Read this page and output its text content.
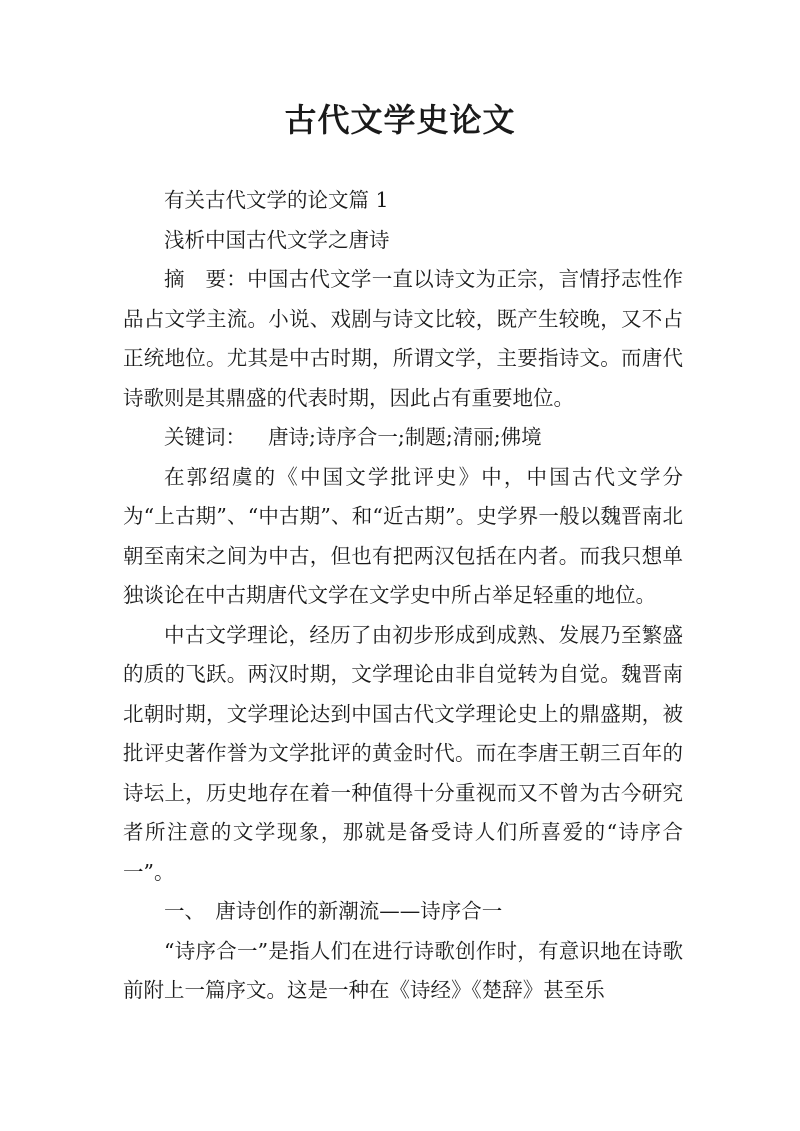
古代文学史论文

有关古代文学的论文篇 1

浅析中国古代文学之唐诗

摘　要：中国古代文学一直以诗文为正宗，言情抒志性作品占文学主流。小说、戏剧与诗文比较，既产生较晚，又不占正统地位。尤其是中古时期，所谓文学，主要指诗文。而唐代诗歌则是其鼎盛的代表时期，因此占有重要地位。

关键词： 唐诗;诗序合一;制题;清丽;佛境

在郭绍虞的《中国文学批评史》中，中国古代文学分为“上古期”、“中古期”、和“近古期”。史学界一般以魏晋南北朝至南宋之间为中古，但也有把两汉包括在内者。而我只想单独谈论在中古期唐代文学在文学史中所占举足轻重的地位。

中古文学理论，经历了由初步形成到成熟、发展乃至繁盛的质的飞跃。两汉时期，文学理论由非自觉转为自觉。魏晋南北朝时期，文学理论达到中国古代文学理论史上的鼎盛期，被批评史著作誉为文学批评的黄金时代。而在李唐王朝三百年的诗坛上，历史地存在着一种值得十分重视而又不曾为古今研究者所注意的文学现象，那就是备受诗人们所喜爱的“诗序合一”。

一、　唐诗创作的新潮流——诗序合一

“诗序合一”是指人们在进行诗歌创作时，有意识地在诗歌前附上一篇序文。这是一种在《诗经》《楚辞》甚至乐
